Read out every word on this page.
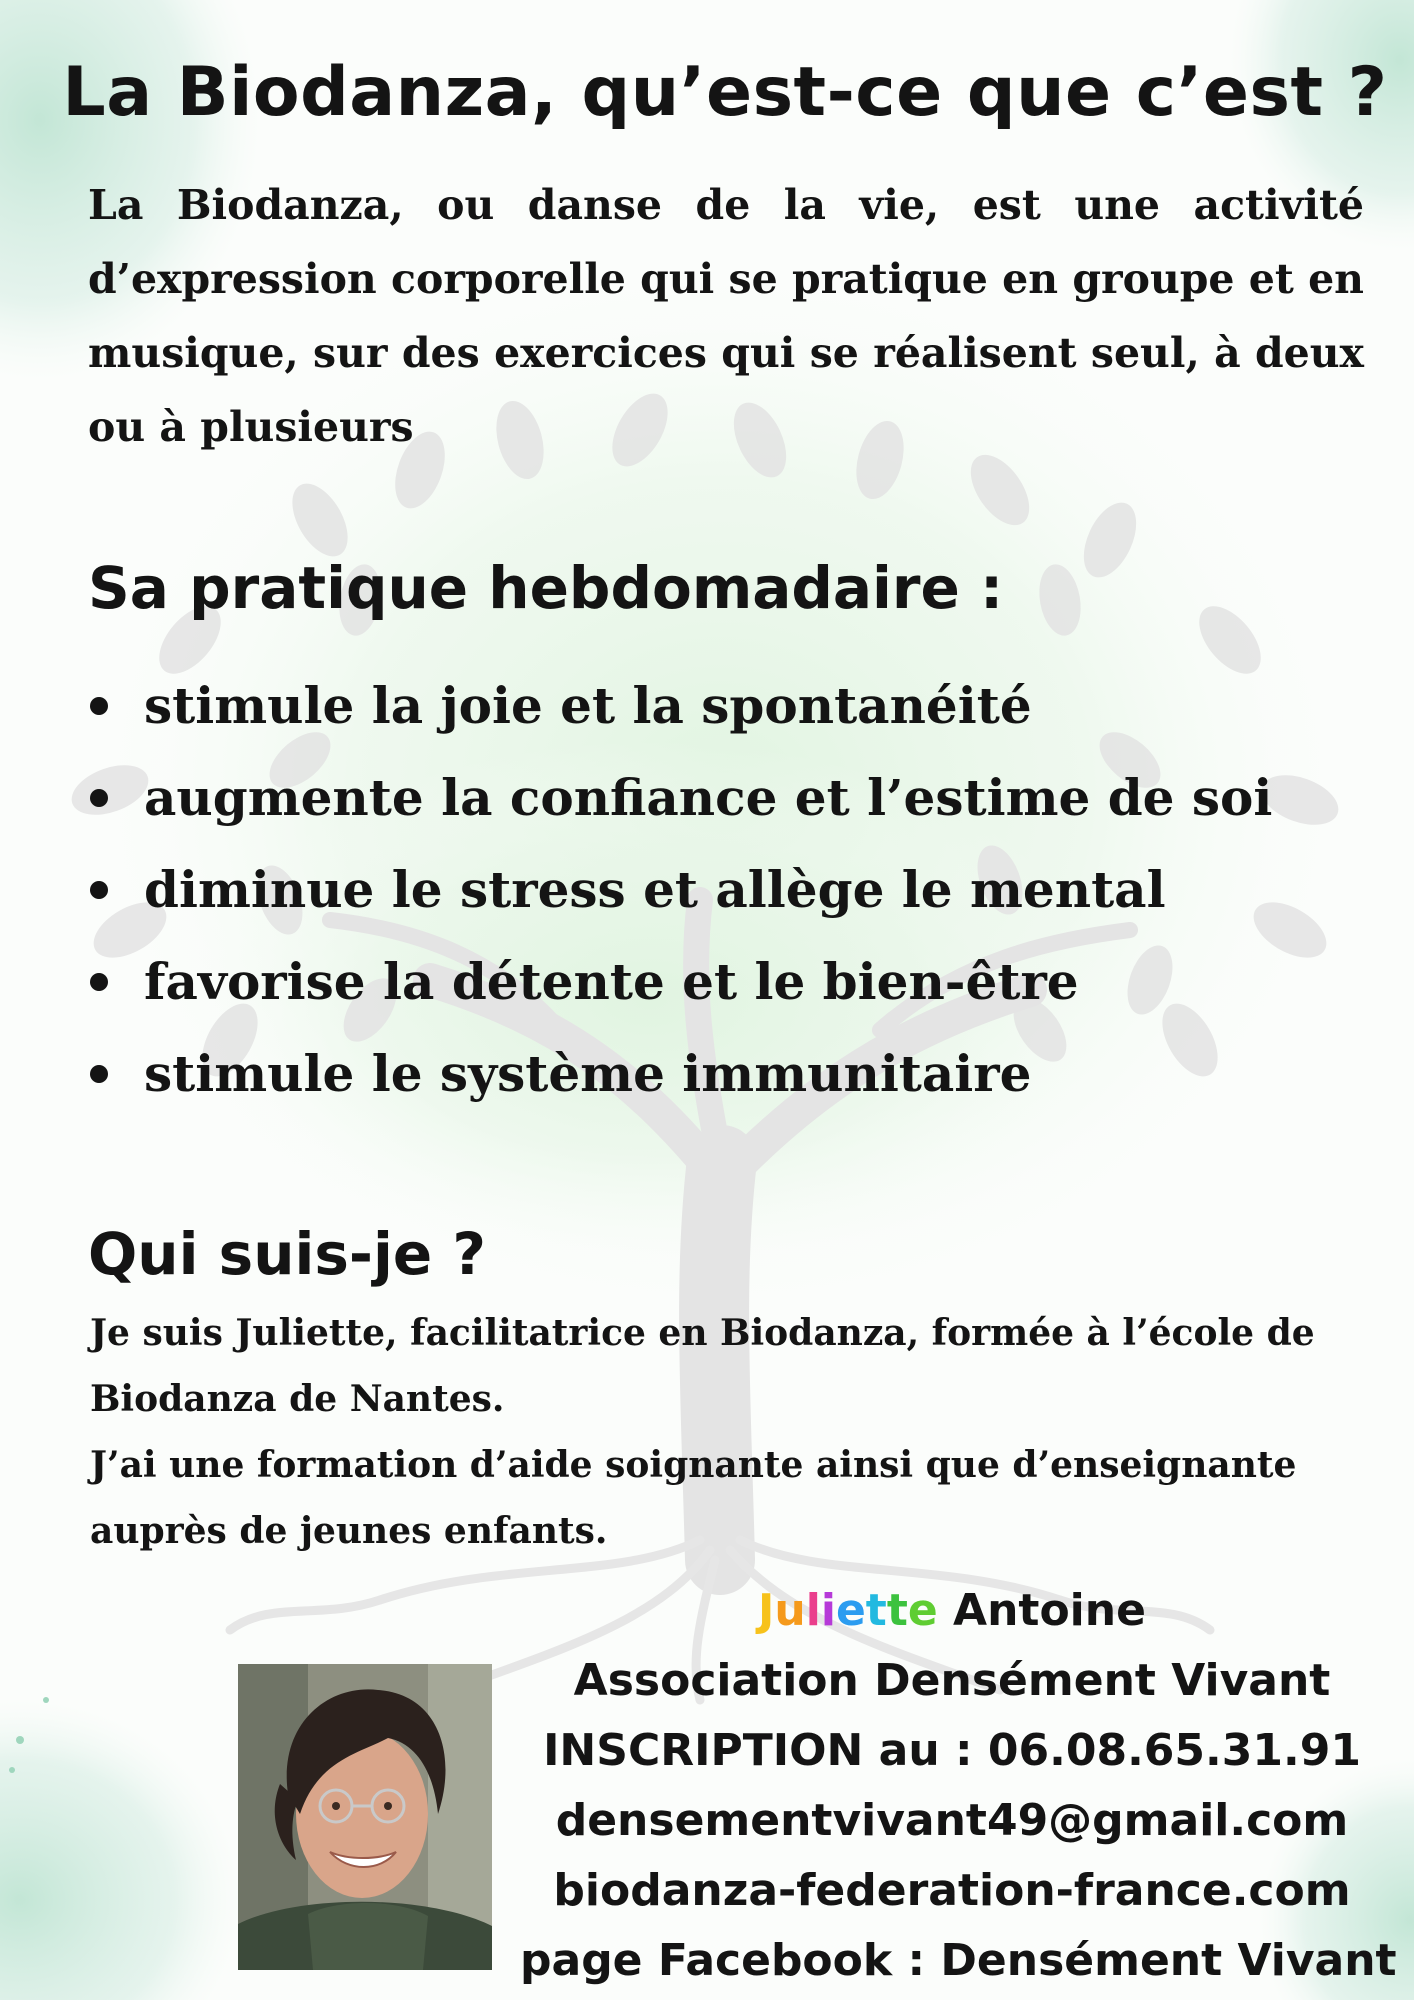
La Biodanza, qu’est-ce que c’est ?

La Biodanza, ou danse de la vie, est une activité d’expression corporelle qui se pratique en groupe et en musique, sur des exercices qui se réalisent seul, à deux ou à plusieurs

Sa pratique hebdomadaire :
stimule la joie et la spontanéité
augmente la confiance et l’estime de soi
diminue le stress et allège le mental
favorise la détente et le bien-être
stimule le système immunitaire
Qui suis-je ?

Je suis Juliette, facilitatrice en Biodanza, formée à l’école de Biodanza de Nantes.

J’ai une formation d’aide soignante ainsi que d’enseignante auprès de jeunes enfants.

Juliette Antoine
Association Densément Vivant
INSCRIPTION au : 06.08.65.31.91
densementvivant49@gmail.com
biodanza-federation-france.com
page Facebook : Densément Vivant
